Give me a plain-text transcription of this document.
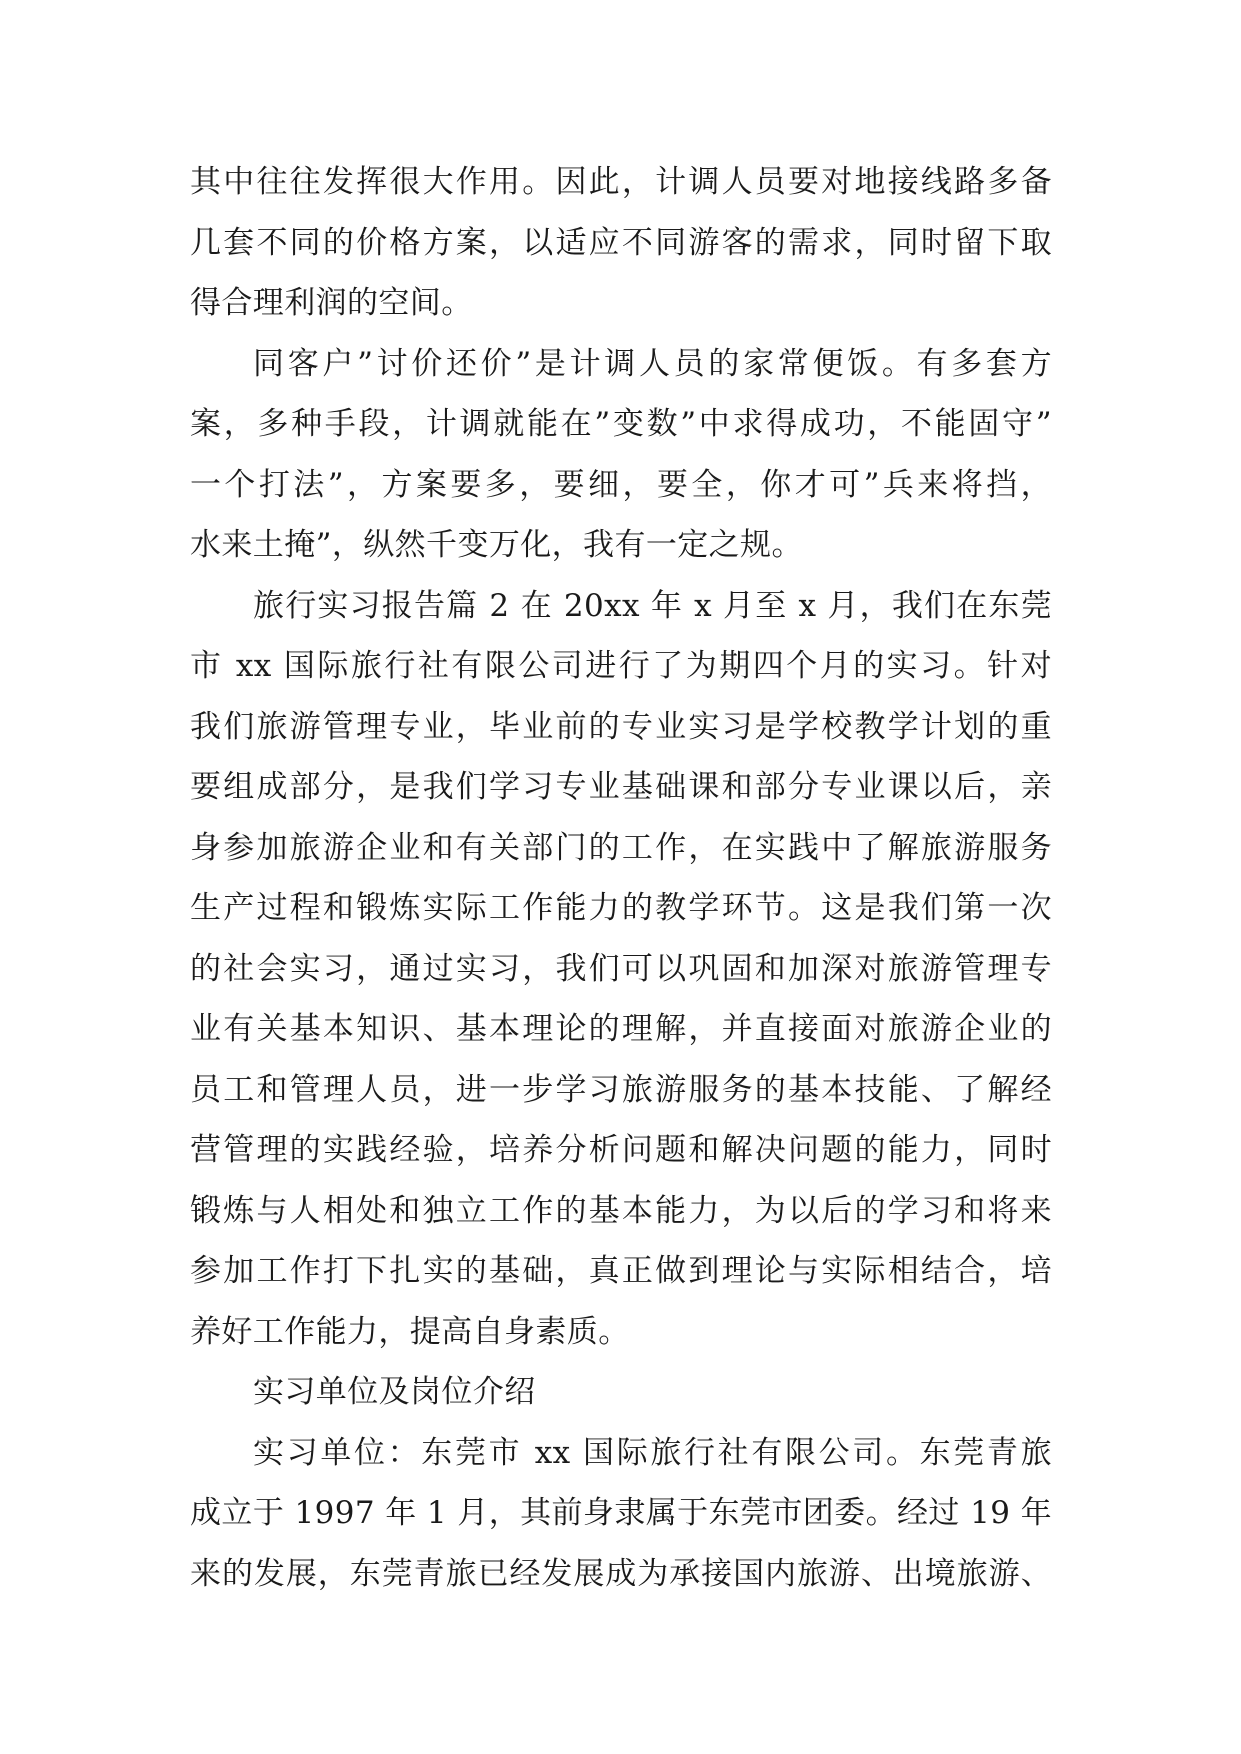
其中往往发挥很大作用。因此，计调人员要对地接线路多备
几套不同的价格方案，以适应不同游客的需求，同时留下取
得合理利润的空间。
同客户”讨价还价”是计调人员的家常便饭。有多套方
案，多种手段，计调就能在”变数”中求得成功，不能固守”
一个打法”，方案要多，要细，要全，你才可”兵来将挡，
水来土掩”，纵然千变万化，我有一定之规。
旅行实习报告篇 2 在 20xx 年 x 月至 x 月，我们在东莞
市 xx 国际旅行社有限公司进行了为期四个月的实习。针对
我们旅游管理专业，毕业前的专业实习是学校教学计划的重
要组成部分，是我们学习专业基础课和部分专业课以后，亲
身参加旅游企业和有关部门的工作，在实践中了解旅游服务
生产过程和锻炼实际工作能力的教学环节。这是我们第一次
的社会实习，通过实习，我们可以巩固和加深对旅游管理专
业有关基本知识、基本理论的理解，并直接面对旅游企业的
员工和管理人员，进一步学习旅游服务的基本技能、了解经
营管理的实践经验，培养分析问题和解决问题的能力，同时
锻炼与人相处和独立工作的基本能力，为以后的学习和将来
参加工作打下扎实的基础，真正做到理论与实际相结合，培
养好工作能力，提高自身素质。
实习单位及岗位介绍
实习单位：东莞市 xx 国际旅行社有限公司。东莞青旅
成立于 1997 年 1 月，其前身隶属于东莞市团委。经过 19 年
来的发展，东莞青旅已经发展成为承接国内旅游、出境旅游、
